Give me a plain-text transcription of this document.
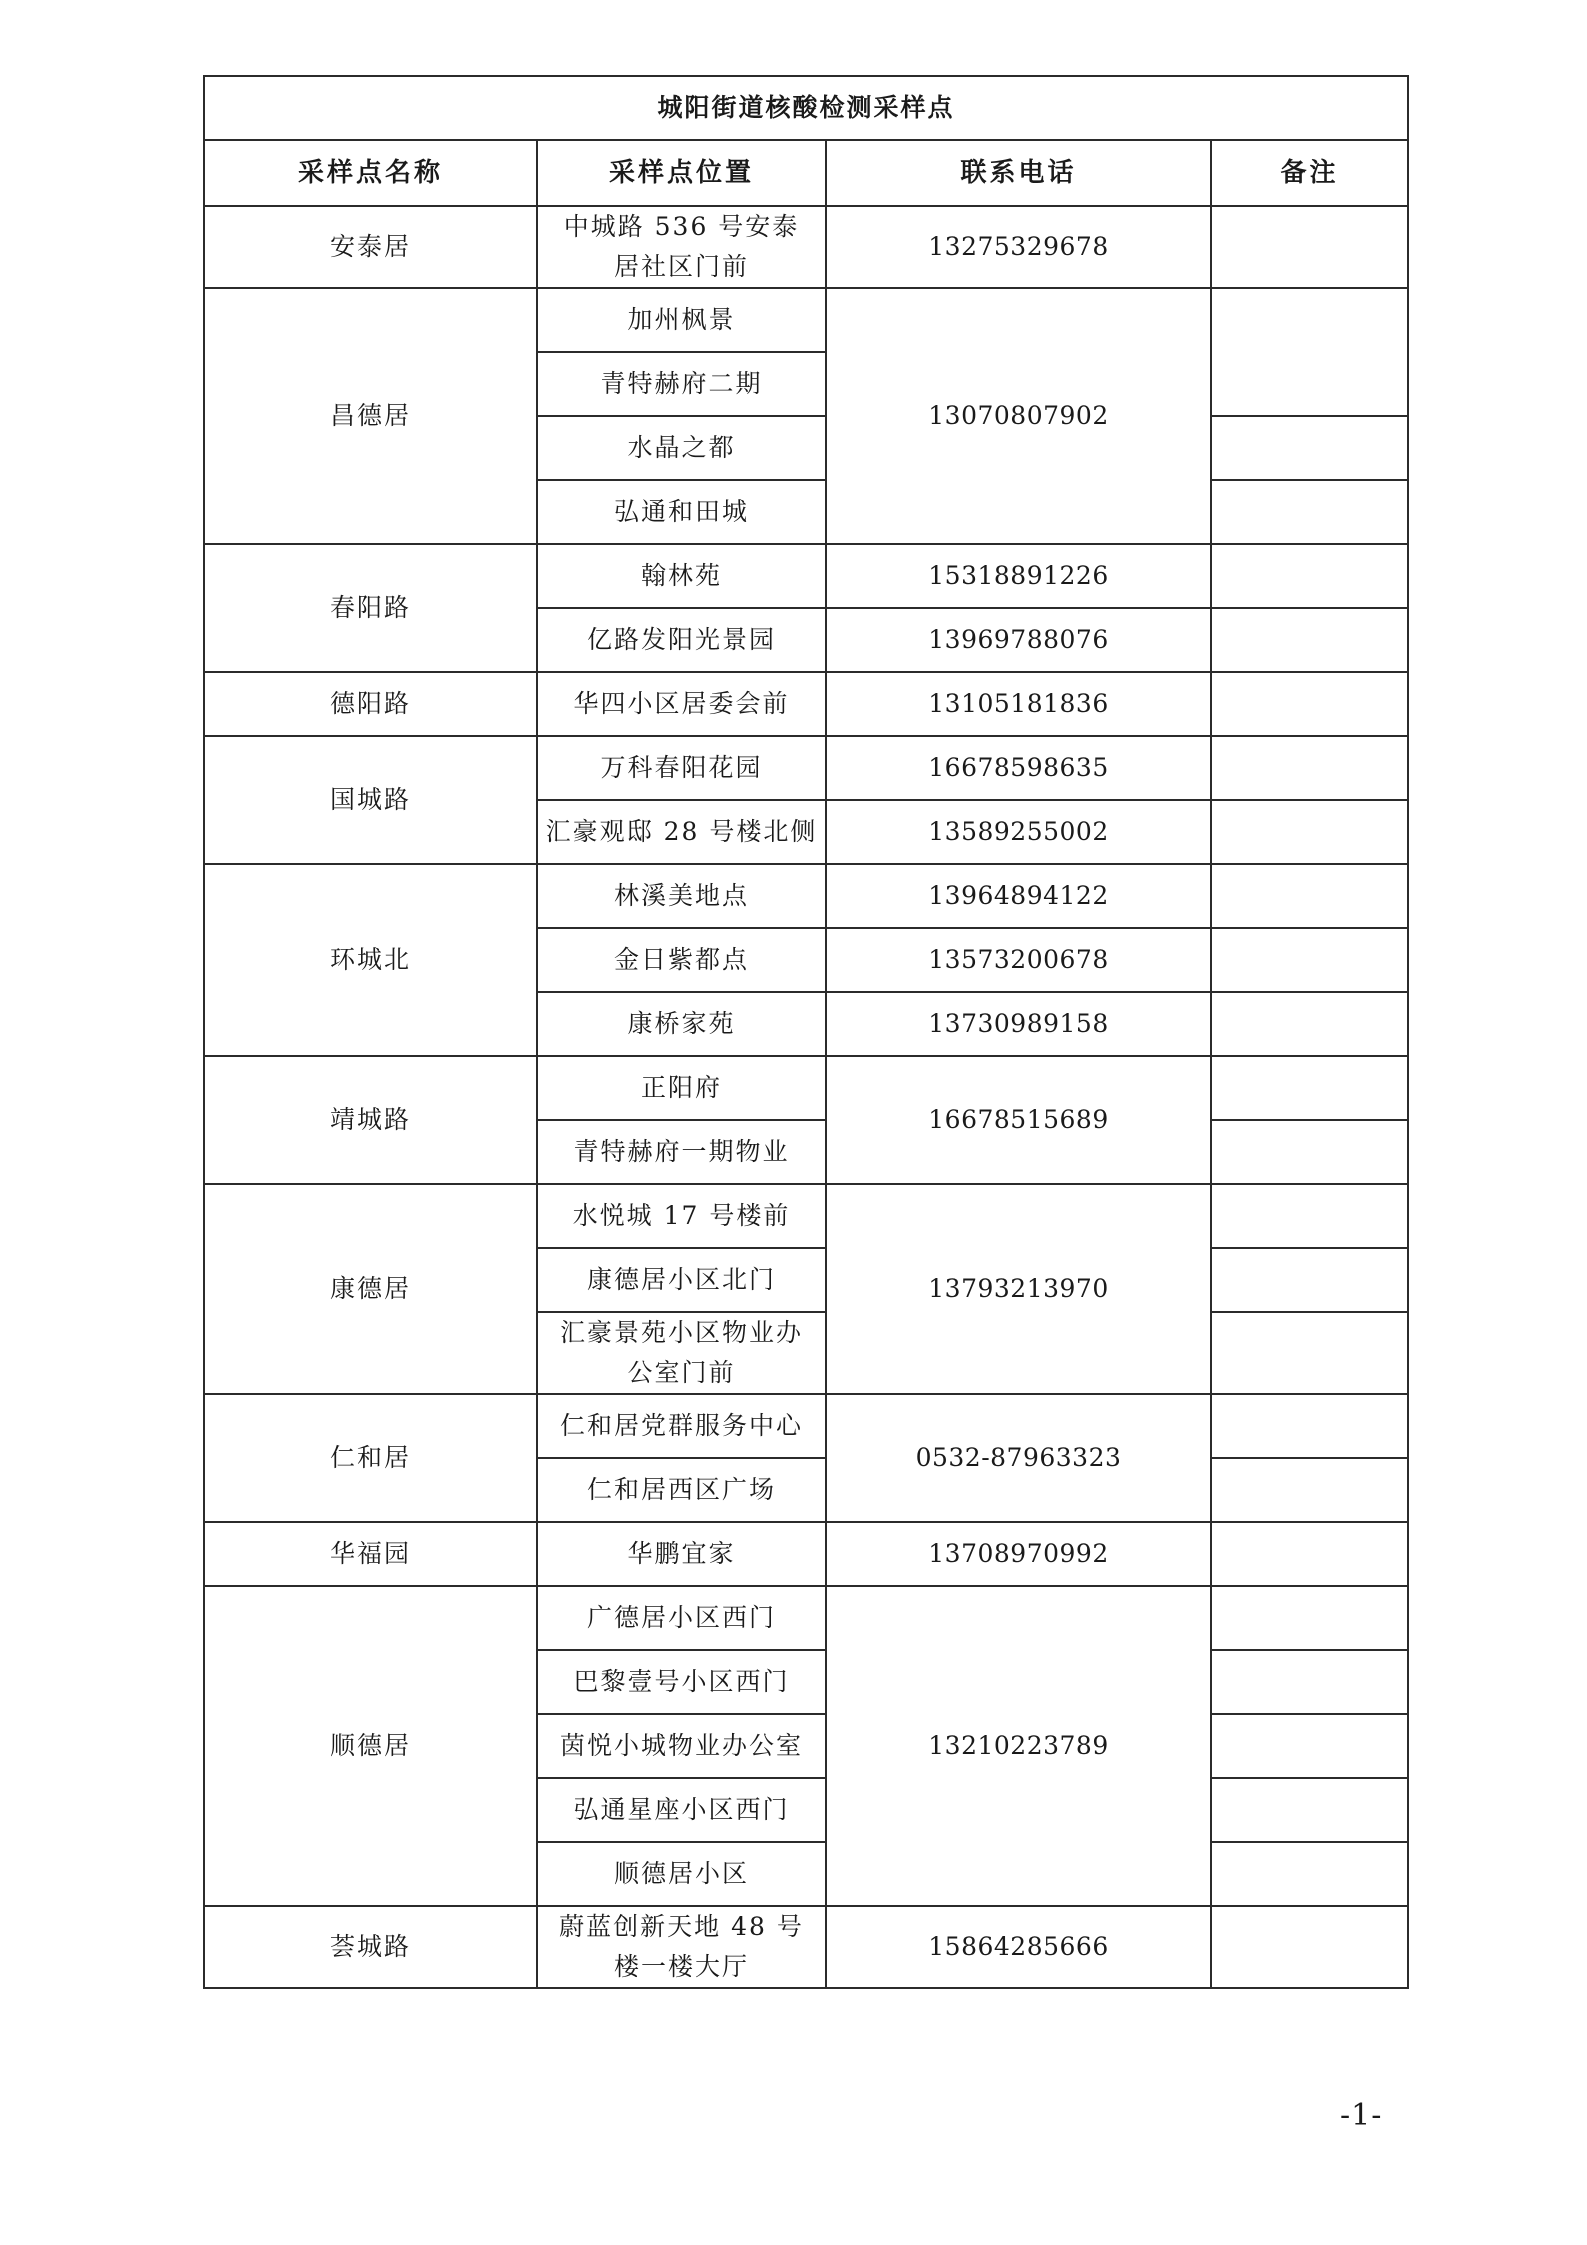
城阳街道核酸检测采样点			
采样点名称	采样点位置	联系电话	备注
安泰居	中城路 536 号安泰居社区门前	13275329678	
昌德居	加州枫景	13070807902	
	青特赫府二期		
	水晶之都		
	弘通和田城		
春阳路	翰林苑	15318891226	
	亿路发阳光景园	13969788076	
德阳路	华四小区居委会前	13105181836	
国城路	万科春阳花园	16678598635	
	汇豪观邸 28 号楼北侧	13589255002	
环城北	林溪美地点	13964894122	
	金日紫都点	13573200678	
	康桥家苑	13730989158	
靖城路	正阳府	16678515689	
	青特赫府一期物业		
康德居	水悦城 17 号楼前	13793213970	
	康德居小区北门		
	汇豪景苑小区物业办公室门前		
仁和居	仁和居党群服务中心	0532-87963323	
	仁和居西区广场		
华福园	华鹏宜家	13708970992	
顺德居	广德居小区西门	13210223789	
	巴黎壹号小区西门		
	茵悦小城物业办公室		
	弘通星座小区西门		
	顺德居小区		
荟城路	蔚蓝创新天地 48 号楼一楼大厅	15864285666	
-1-
